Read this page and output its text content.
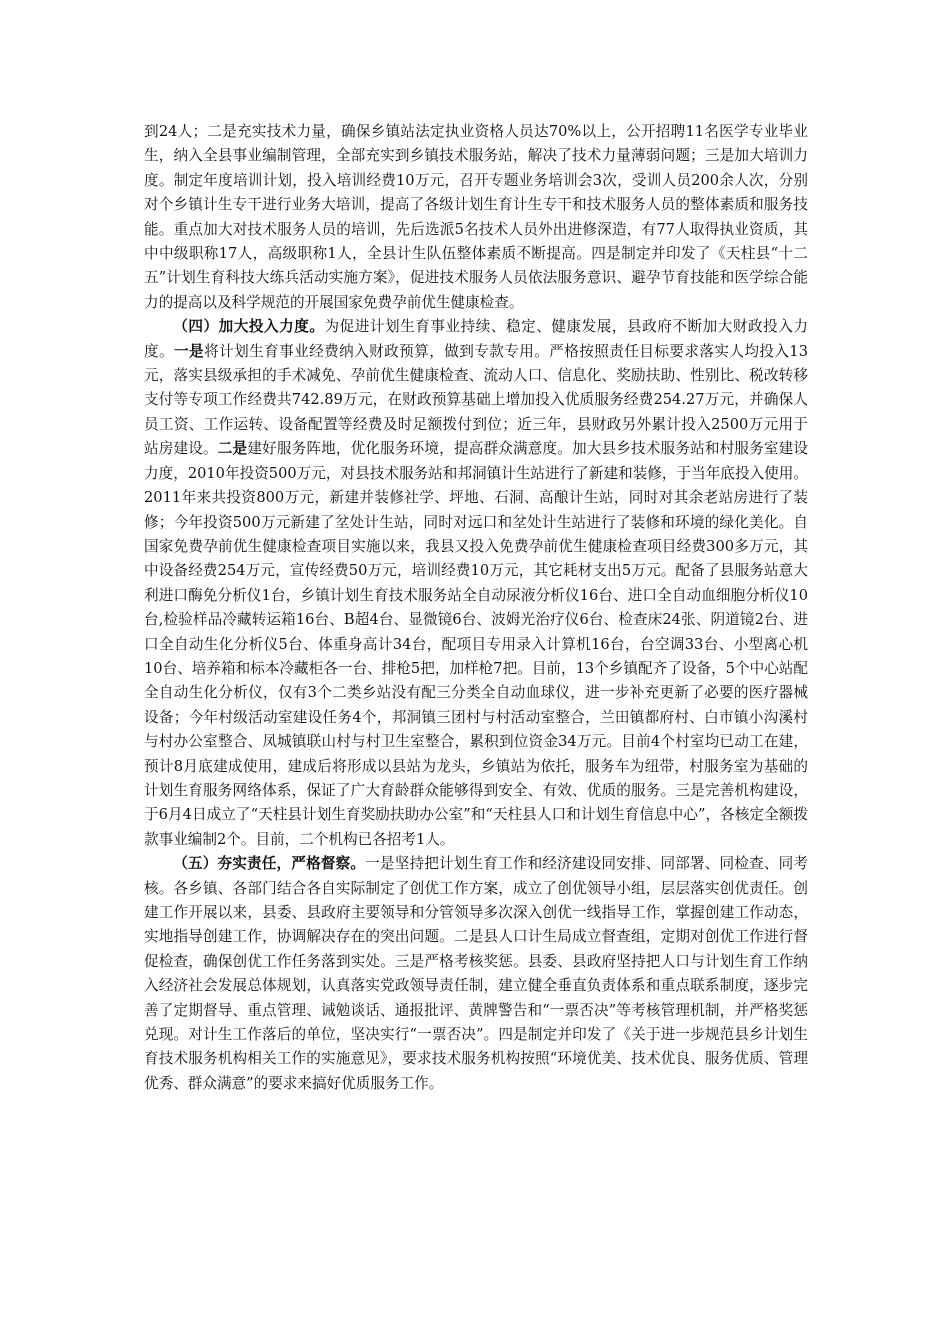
到24人；二是充实技术力量，确保乡镇站法定执业资格人员达70%以上，公开招聘11名医学专业毕业生，纳入全县事业编制管理，全部充实到乡镇技术服务站，解决了技术力量薄弱问题；三是加大培训力度。制定年度培训计划，投入培训经费10万元，召开专题业务培训会3次，受训人员200余人次，分别对个乡镇计生专干进行业务大培训，提高了各级计划生育计生专干和技术服务人员的整体素质和服务技能。重点加大对技术服务人员的培训，先后选派5名技术人员外出进修深造，有77人取得执业资质，其中中级职称17人，高级职称1人，全县计生队伍整体素质不断提高。四是制定并印发了《天柱县“十二五”计划生育科技大练兵活动实施方案》，促进技术服务人员依法服务意识、避孕节育技能和医学综合能力的提高以及科学规范的开展国家免费孕前优生健康检查。

（四）加大投入力度。为促进计划生育事业持续、稳定、健康发展，县政府不断加大财政投入力度。一是将计划生育事业经费纳入财政预算，做到专款专用。严格按照责任目标要求落实人均投入13元，落实县级承担的手术减免、孕前优生健康检查、流动人口、信息化、奖励扶助、性别比、税改转移支付等专项工作经费共742.89万元，在财政预算基础上增加投入优质服务经费254.27万元，并确保人员工资、工作运转、设备配置等经费及时足额拨付到位；近三年，县财政另外累计投入2500万元用于站房建设。二是建好服务阵地，优化服务环境，提高群众满意度。加大县乡技术服务站和村服务室建设力度，2010年投资500万元，对县技术服务站和邦洞镇计生站进行了新建和装修，于当年底投入使用。2011年来共投资800万元，新建并装修社学、坪地、石洞、高酿计生站，同时对其余老站房进行了装修；今年投资500万元新建了坌处计生站，同时对远口和坌处计生站进行了装修和环境的绿化美化。自国家免费孕前优生健康检查项目实施以来，我县又投入免费孕前优生健康检查项目经费300多万元，其中设备经费254万元，宣传经费50万元，培训经费10万元，其它耗材支出5万元。配备了县服务站意大利进口酶免分析仪1台，乡镇计划生育技术服务站全自动尿液分析仪16台、进口全自动血细胞分析仪10台,检验样品冷藏转运箱16台、B超4台、显微镜6台、波姆光治疗仪6台、检查床24张、阴道镜2台、进口全自动生化分析仪5台、体重身高计34台，配项目专用录入计算机16台，台空调33台、小型离心机10台、培养箱和标本冷藏柜各一台、排枪5把，加样枪7把。目前，13个乡镇配齐了设备，5个中心站配全自动生化分析仪，仅有3个二类乡站没有配三分类全自动血球仪，进一步补充更新了必要的医疗器械设备；今年村级活动室建设任务4个，邦洞镇三团村与村活动室整合，兰田镇都府村、白市镇小沟溪村与村办公室整合、凤城镇联山村与村卫生室整合，累积到位资金34万元。目前4个村室均已动工在建，预计8月底建成使用，建成后将形成以县站为龙头，乡镇站为依托，服务车为纽带，村服务室为基础的计划生育服务网络体系，保证了广大育龄群众能够得到安全、有效、优质的服务。三是完善机构建设，于6月4日成立了“天柱县计划生育奖励扶助办公室”和“天柱县人口和计划生育信息中心”，各核定全额拨款事业编制2个。目前，二个机构已各招考1人。

（五）夯实责任，严格督察。一是坚持把计划生育工作和经济建设同安排、同部署、同检查、同考核。各乡镇、各部门结合各自实际制定了创优工作方案，成立了创优领导小组，层层落实创优责任。创建工作开展以来，县委、县政府主要领导和分管领导多次深入创优一线指导工作，掌握创建工作动态，实地指导创建工作，协调解决存在的突出问题。二是县人口计生局成立督查组，定期对创优工作进行督促检查，确保创优工作任务落到实处。三是严格考核奖惩。县委、县政府坚持把人口与计划生育工作纳入经济社会发展总体规划，认真落实党政领导责任制，建立健全垂直负责体系和重点联系制度，逐步完善了定期督导、重点管理、诫勉谈话、通报批评、黄牌警告和“一票否决”等考核管理机制，并严格奖惩兑现。对计生工作落后的单位，坚决实行“一票否决”。四是制定并印发了《关于进一步规范县乡计划生育技术服务机构相关工作的实施意见》，要求技术服务机构按照“环境优美、技术优良、服务优质、管理优秀、群众满意”的要求来搞好优质服务工作。
